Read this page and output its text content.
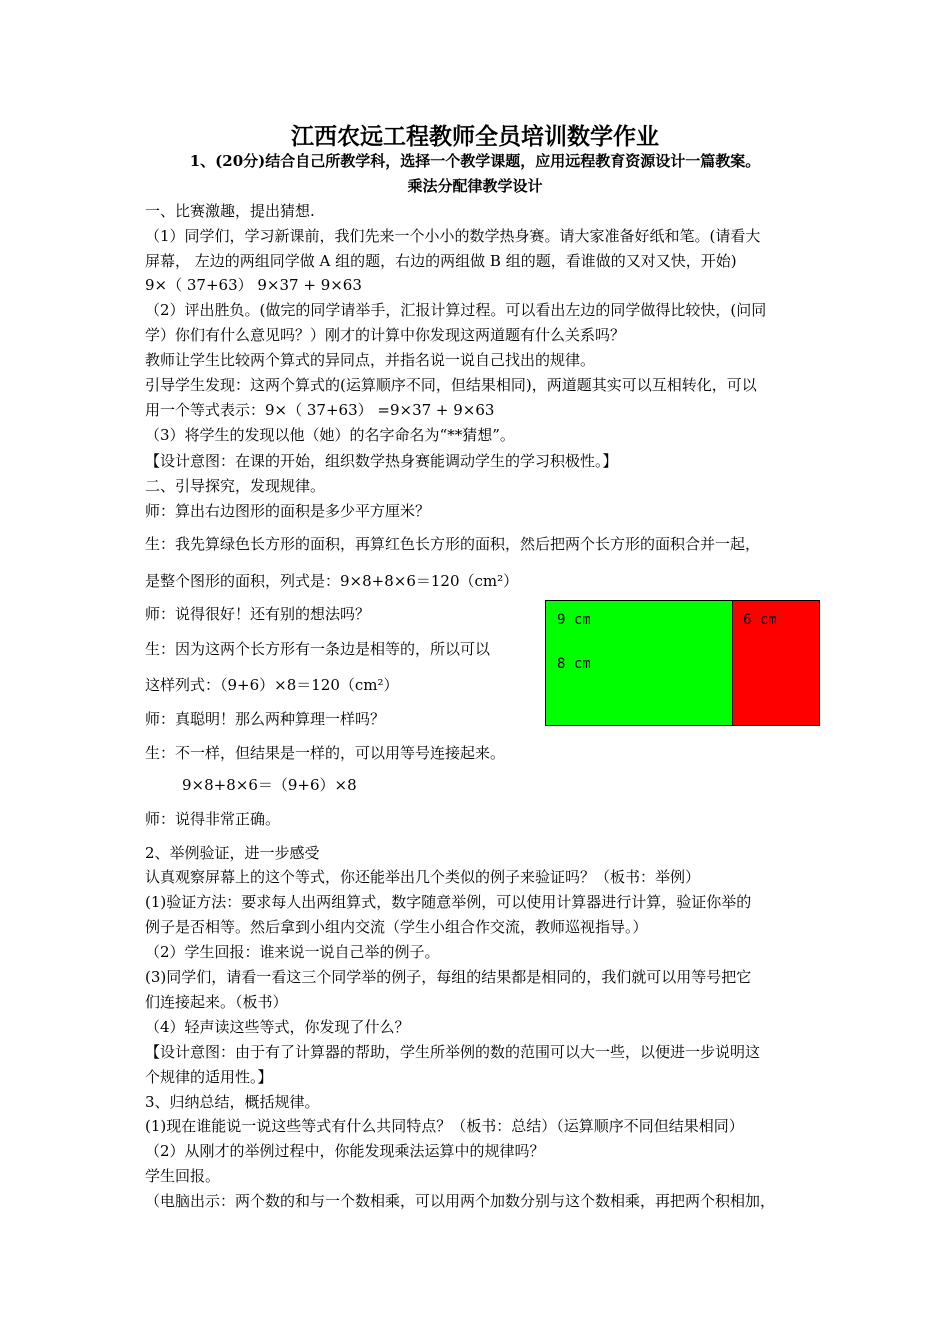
江西农远工程教师全员培训数学作业
1、(20分)结合自己所教学科，选择一个教学课题，应用远程教育资源设计一篇教案。
乘法分配律教学设计
一、比赛激趣，提出猜想.
（1）同学们，学习新课前，我们先来一个小小的数学热身赛。请大家准备好纸和笔。(请看大
屏幕， 左边的两组同学做 A 组的题，右边的两组做 B 组的题，看谁做的又对又快，开始)
9×（ 37+63） 9×37 + 9×63
（2）评出胜负。(做完的同学请举手，汇报计算过程。可以看出左边的同学做得比较快，(问同
学）你们有什么意见吗？）刚才的计算中你发现这两道题有什么关系吗？
教师让学生比较两个算式的异同点，并指名说一说自己找出的规律。
引导学生发现：这两个算式的(运算顺序不同，但结果相同)，两道题其实可以互相转化，可以
用一个等式表示：9×（ 37+63） =9×37 + 9×63
（3）将学生的发现以他（她）的名字命名为“**猜想”。
【设计意图：在课的开始，组织数学热身赛能调动学生的学习积极性。】
二、引导探究，发现规律。
师：算出右边图形的面积是多少平方厘米？
生：我先算绿色长方形的面积，再算红色长方形的面积，然后把两个长方形的面积合并一起，
是整个图形的面积，列式是：9×8+8×6＝120（cm²）
师：说得很好！还有别的想法吗？
生：因为这两个长方形有一条边是相等的，所以可以
这样列式：（9+6）×8＝120（cm²）
师：真聪明！那么两种算理一样吗？
生：不一样，但结果是一样的，可以用等号连接起来。
9×8+8×6＝（9+6）×8
师：说得非常正确。
2、举例验证，进一步感受
认真观察屏幕上的这个等式，你还能举出几个类似的例子来验证吗？（板书：举例）
(1)验证方法：要求每人出两组算式，数字随意举例，可以使用计算器进行计算，验证你举的
例子是否相等。然后拿到小组内交流（学生小组合作交流，教师巡视指导。）
（2）学生回报：谁来说一说自己举的例子。
(3)同学们，请看一看这三个同学举的例子，每组的结果都是相同的，我们就可以用等号把它
们连接起来。（板书）
（4）轻声读这些等式，你发现了什么？
【设计意图：由于有了计算器的帮助，学生所举例的数的范围可以大一些，以便进一步说明这
个规律的适用性。】
3、归纳总结，概括规律。
(1)现在谁能说一说这些等式有什么共同特点？（板书：总结）（运算顺序不同但结果相同）
（2）从刚才的举例过程中，你能发现乘法运算中的规律吗？
学生回报。
（电脑出示：两个数的和与一个数相乘，可以用两个加数分别与这个数相乘，再把两个积相加，
9 cm
8 cm
6 cm
